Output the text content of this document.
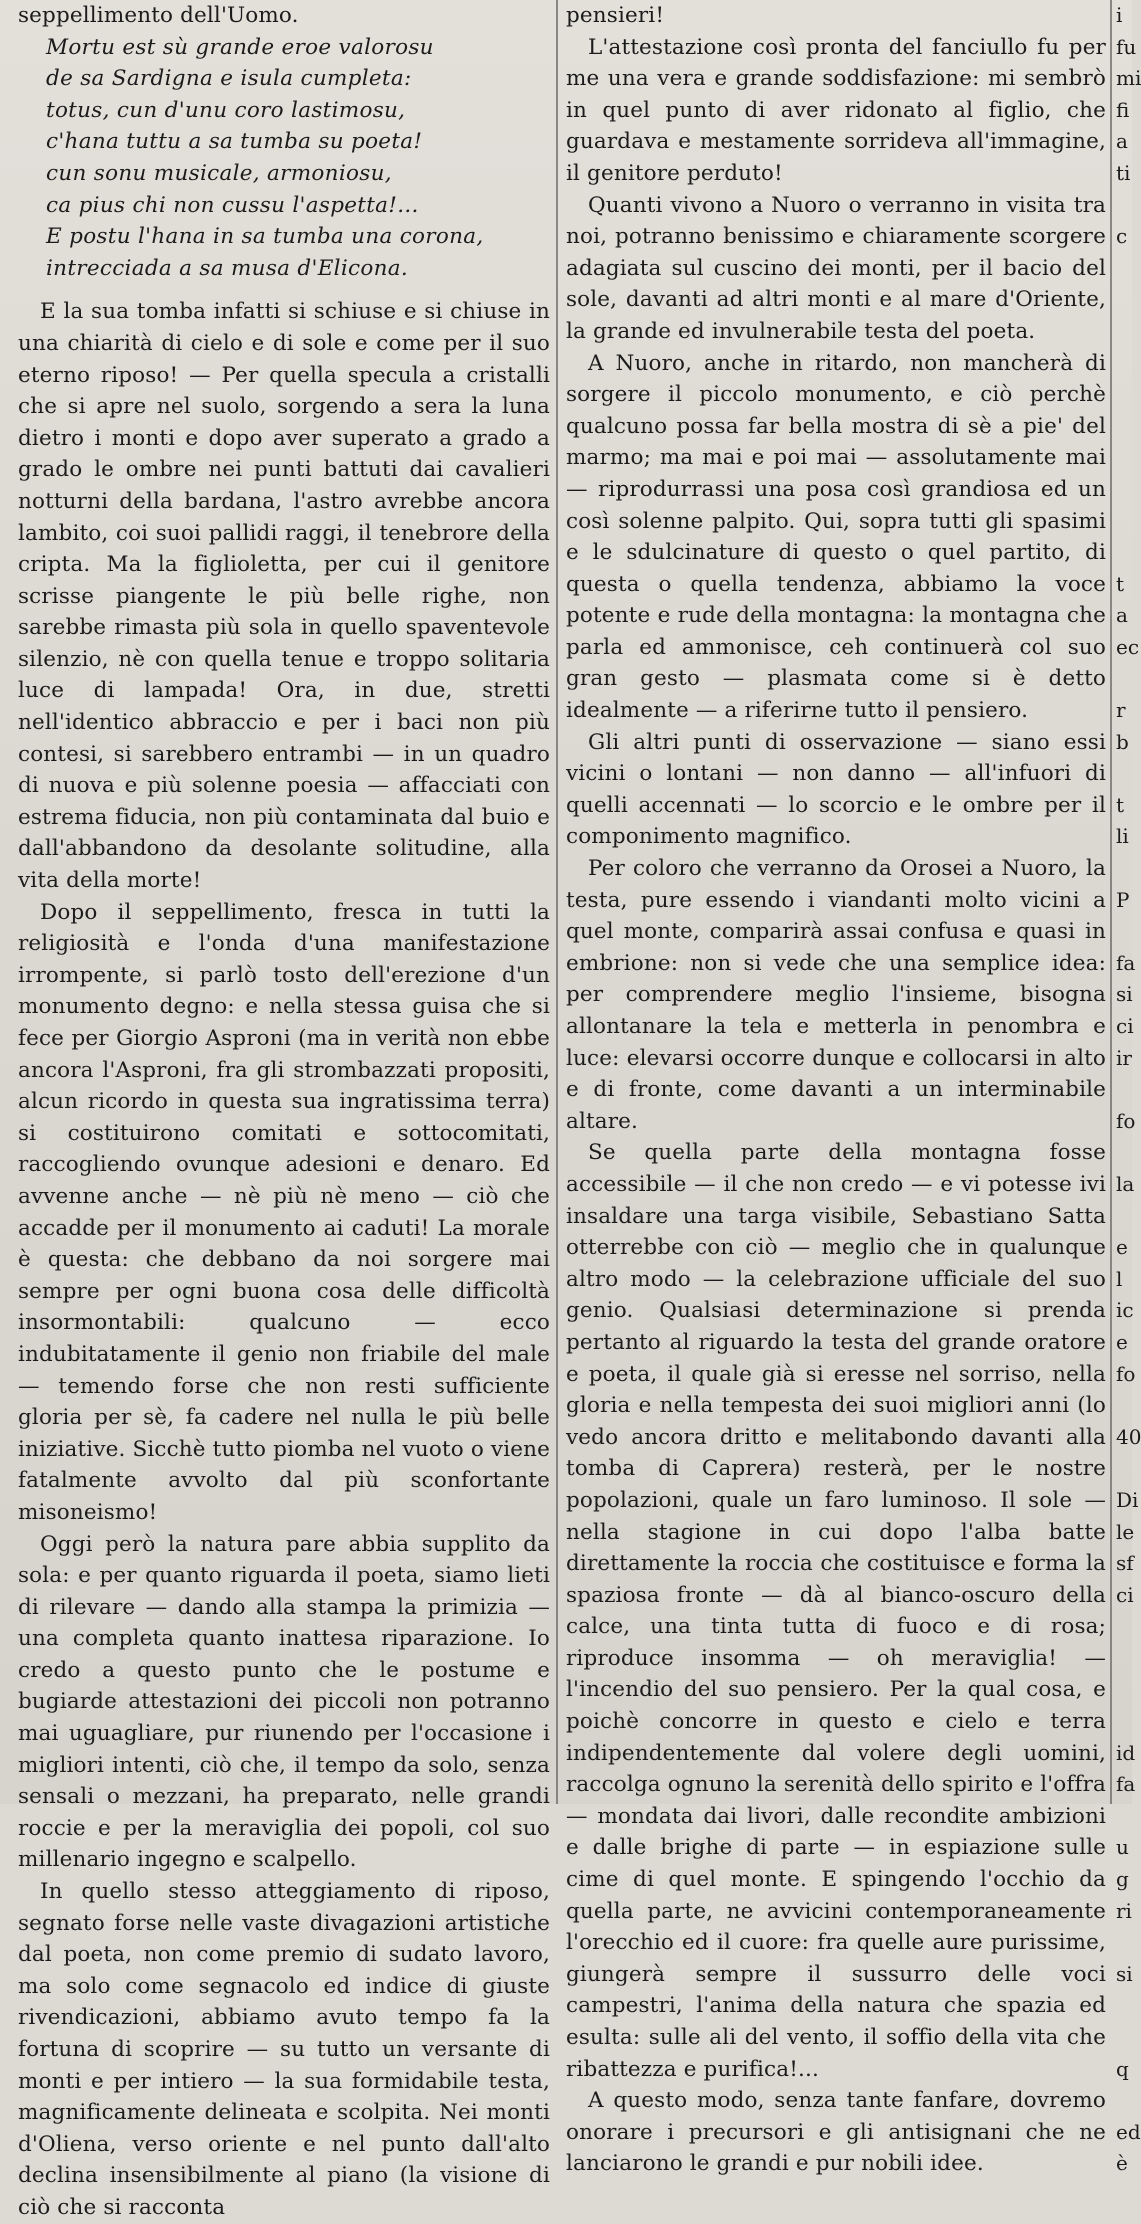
seppellimento dell'Uomo.

Mortu est sù grande eroe valorosu
de sa Sardigna e isula cumpleta:
totus, cun d'unu coro lastimosu,
c'hana tuttu a sa tumba su poeta!
cun sonu musicale, armoniosu,
ca pius chi non cussu l'aspetta!...
E postu l'hana in sa tumba una corona,
intrecciada a sa musa d'Elicona.

E la sua tomba infatti si schiuse e si chiuse in una chiarità di cielo e di sole e come per il suo eterno riposo! — Per quella specula a cristalli che si apre nel suolo, sorgendo a sera la luna dietro i monti e dopo aver superato a grado a grado le ombre nei punti battuti dai cavalieri notturni della bardana, l'astro avrebbe ancora lambito, coi suoi pallidi raggi, il tenebrore della cripta. Ma la figlioletta, per cui il genitore scrisse piangente le più belle righe, non sarebbe rimasta più sola in quello spaventevole silenzio, nè con quella tenue e troppo solitaria luce di lampada! Ora, in due, stretti nell'identico abbraccio e per i baci non più contesi, si sarebbero entrambi — in un quadro di nuova e più solenne poesia — affacciati con estrema fiducia, non più contaminata dal buio e dall'abbandono da desolante solitudine, alla vita della morte!

Dopo il seppellimento, fresca in tutti la religiosità e l'onda d'una manifestazione irrompente, si parlò tosto dell'erezione d'un monumento degno: e nella stessa guisa che si fece per Giorgio Asproni (ma in verità non ebbe ancora l'Asproni, fra gli strombazzati propositi, alcun ricordo in questa sua ingratissima terra) si costituirono comitati e sottocomitati, raccogliendo ovunque adesioni e denaro. Ed avvenne anche — nè più nè meno — ciò che accadde per il monumento ai caduti! La morale è questa: che debbano da noi sorgere mai sempre per ogni buona cosa delle difficoltà insormontabili: qualcuno — ecco indubitatamente il genio non friabile del male — temendo forse che non resti sufficiente gloria per sè, fa cadere nel nulla le più belle iniziative. Sicchè tutto piomba nel vuoto o viene fatalmente avvolto dal più sconfortante misoneismo!

Oggi però la natura pare abbia supplito da sola: e per quanto riguarda il poeta, siamo lieti di rilevare — dando alla stampa la primizia — una completa quanto inattesa riparazione. Io credo a questo punto che le postume e bugiarde attestazioni dei piccoli non potranno mai uguagliare, pur riunendo per l'occasione i migliori intenti, ciò che, il tempo da solo, senza sensali o mezzani, ha preparato, nelle grandi roccie e per la meraviglia dei popoli, col suo millenario ingegno e scalpello.

In quello stesso atteggiamento di riposo, segnato forse nelle vaste divagazioni artistiche dal poeta, non come premio di sudato lavoro, ma solo come segnacolo ed indice di giuste rivendicazioni, abbiamo avuto tempo fa la fortuna di scoprire — su tutto un versante di monti e per intiero — la sua formidabile testa, magnificamente delineata e scolpita. Nei monti d'Oliena, verso oriente e nel punto dall'alto declina insensibilmente al piano (la visione di ciò che si racconta

pensieri!

L'attestazione così pronta del fanciullo fu per me una vera e grande soddisfazione: mi sembrò in quel punto di aver ridonato al figlio, che guardava e mestamente sorrideva all'immagine, il genitore perduto!

Quanti vivono a Nuoro o verranno in visita tra noi, potranno benissimo e chiaramente scorgere adagiata sul cuscino dei monti, per il bacio del sole, davanti ad altri monti e al mare d'Oriente, la grande ed invulnerabile testa del poeta.

A Nuoro, anche in ritardo, non mancherà di sorgere il piccolo monumento, e ciò perchè qualcuno possa far bella mostra di sè a pie' del marmo; ma mai e poi mai — assolutamente mai — riprodurrassi una posa così grandiosa ed un così solenne palpito. Qui, sopra tutti gli spasimi e le sdulcinature di questo o quel partito, di questa o quella tendenza, abbiamo la voce potente e rude della montagna: la montagna che parla ed ammonisce, ceh continuerà col suo gran gesto — plasmata come si è detto idealmente — a riferirne tutto il pensiero.

Gli altri punti di osservazione — siano essi vicini o lontani — non danno — all'infuori di quelli accennati — lo scorcio e le ombre per il componimento magnifico.

Per coloro che verranno da Orosei a Nuoro, la testa, pure essendo i viandanti molto vicini a quel monte, comparirà assai confusa e quasi in embrione: non si vede che una semplice idea: per comprendere meglio l'insieme, bisogna allontanare la tela e metterla in penombra e luce: elevarsi occorre dunque e collocarsi in alto e di fronte, come davanti a un interminabile altare.

Se quella parte della montagna fosse accessibile — il che non credo — e vi potesse ivi insaldare una targa visibile, Sebastiano Satta otterrebbe con ciò — meglio che in qualunque altro modo — la celebrazione ufficiale del suo genio. Qualsiasi determinazione si prenda pertanto al riguardo la testa del grande oratore e poeta, il quale già si eresse nel sorriso, nella gloria e nella tempesta dei suoi migliori anni (lo vedo ancora dritto e melitabondo davanti alla tomba di Caprera) resterà, per le nostre popolazioni, quale un faro luminoso. Il sole — nella stagione in cui dopo l'alba batte direttamente la roccia che costituisce e forma la spaziosa fronte — dà al bianco-oscuro della calce, una tinta tutta di fuoco e di rosa; riproduce insomma — oh meraviglia! — l'incendio del suo pensiero. Per la qual cosa, e poichè concorre in questo e cielo e terra indipendentemente dal volere degli uomini, raccolga ognuno la serenità dello spirito e l'offra — mondata dai livori, dalle recondite ambizioni e dalle brighe di parte — in espiazione sulle cime di quel monte. E spingendo l'occhio da quella parte, ne avvicini contemporaneamente l'orecchio ed il cuore: fra quelle aure purissime, giungerà sempre il sussurro delle voci campestri, l'anima della natura che spazia ed esulta: sulle ali del vento, il soffio della vita che ribattezza e purifica!...

A questo modo, senza tante fanfare, dovremo onorare i precursori e gli antisignani che ne lanciarono le grandi e pur nobili idee.

i
fu
mi
fi
a
ti

c

t
a
ec

r
b

t
li

P

fa
si
ci
ir

fo

la

e
l
ic
e
fo

40

Di
le
sf
ci

id
fa

u
g
ri

si

q

ed
è
